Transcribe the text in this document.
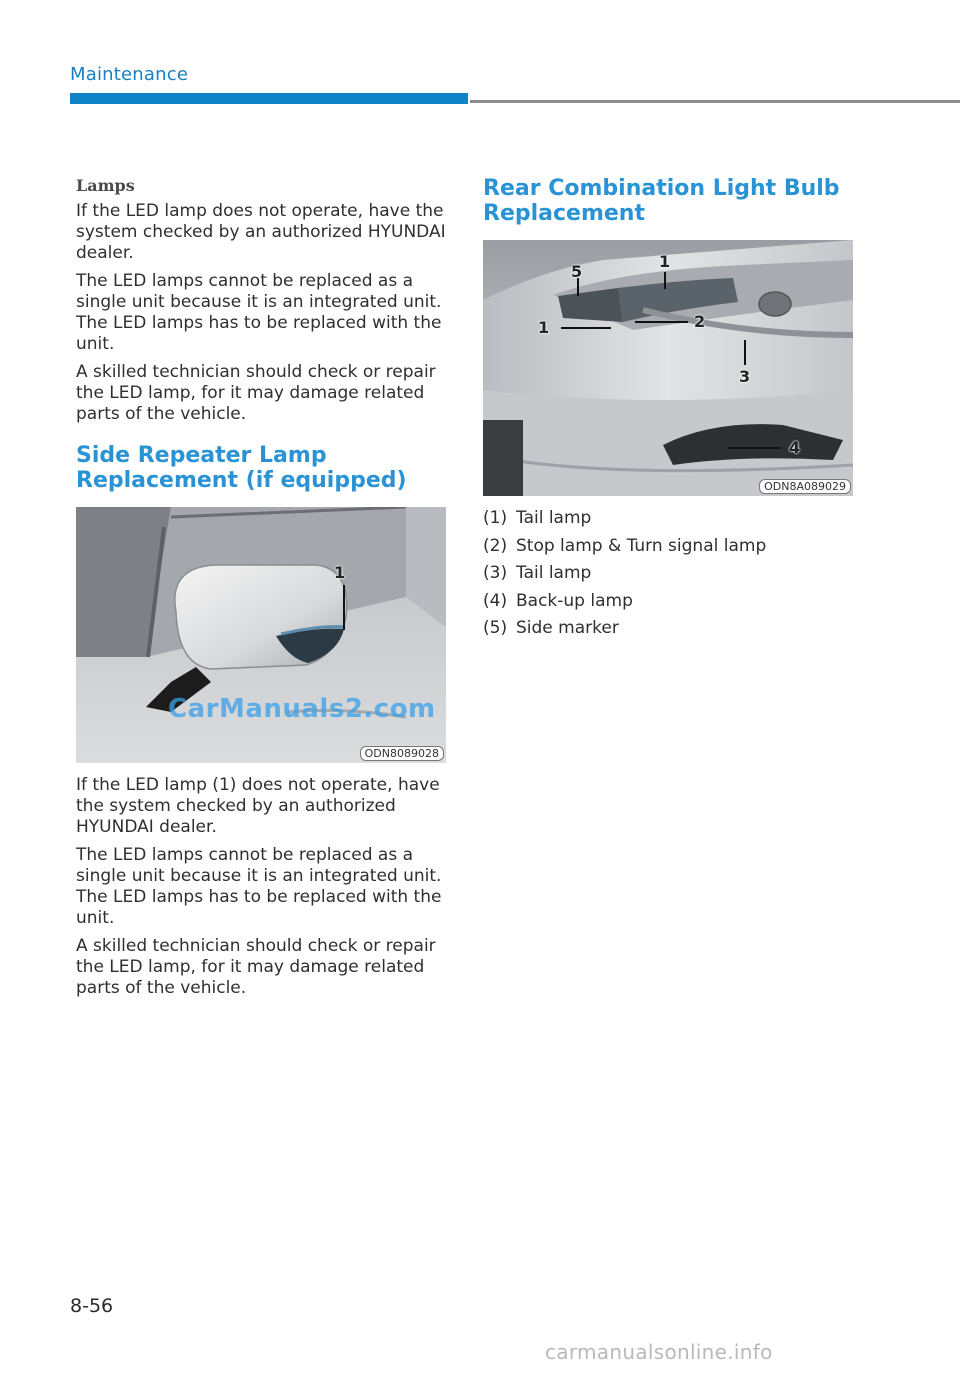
Maintenance
Lamps

If the LED lamp does not operate, have the system checked by an authorized HYUNDAI dealer.

The LED lamps cannot be replaced as a single unit because it is an integrated unit. The LED lamps has to be replaced with the unit.

A skilled technician should check or repair the LED lamp, for it may damage related parts of the vehicle.

Side Repeater Lamp Replacement (if equipped)
1
CarManuals2.com
ODN8089028

If the LED lamp (1) does not operate, have the system checked by an authorized HYUNDAI dealer.

The LED lamps cannot be replaced as a single unit because it is an integrated unit. The LED lamps has to be replaced with the unit.

A skilled technician should check or repair the LED lamp, for it may damage related parts of the vehicle.

Rear Combination Light Bulb Replacement
1
5
1	2
3
4
ODN8A089029
(1) Tail lamp
(2) Stop lamp & Turn signal lamp
(3) Tail lamp
(4) Back-up lamp
(5) Side marker
8-56
carmanualsonline.info
